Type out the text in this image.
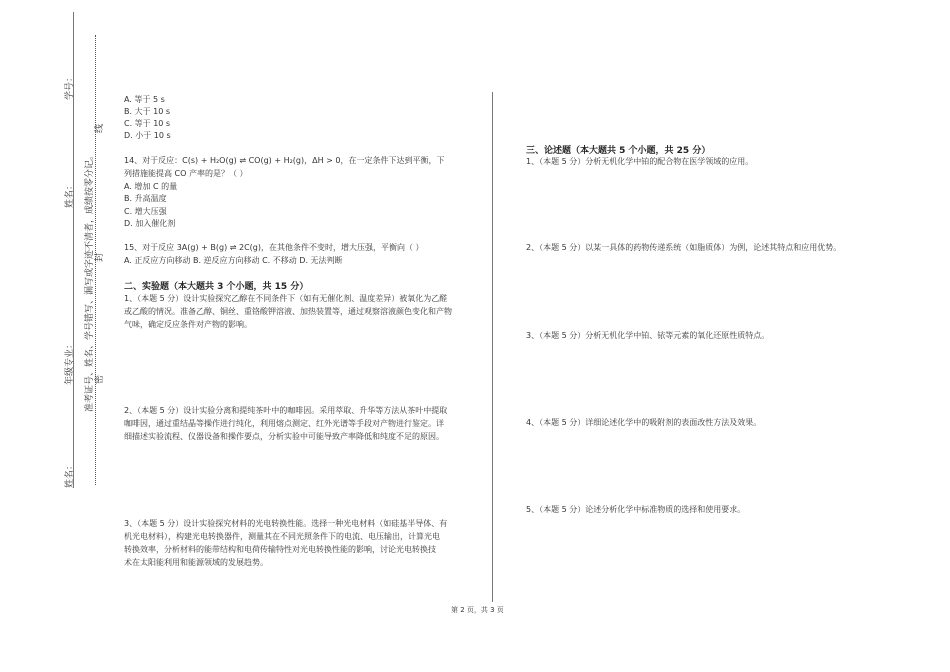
学号：
姓名：
年级专业：
姓名：
准考证号、姓名、学号错写、漏写或字迹不清者，成绩按零分记。
线
封
密
A. 等于 5 s
B. 大于 10 s
C. 等于 10 s
D. 小于 10 s
14、对于反应：C(s) + H₂O(g) ⇌ CO(g) + H₂(g)，ΔH > 0，在一定条件下达到平衡，下
列措施能提高 CO 产率的是？（ ）
A. 增加 C 的量
B. 升高温度
C. 增大压强
D. 加入催化剂
15、对于反应 3A(g) + B(g) ⇌ 2C(g)，在其他条件不变时，增大压强，平衡向（ ）
A. 正反应方向移动 B. 逆反应方向移动 C. 不移动 D. 无法判断
二、实验题（本大题共 3 个小题，共 15 分）
1、（本题 5 分）设计实验探究乙醇在不同条件下（如有无催化剂、温度差异）被氧化为乙醛
或乙酸的情况。准备乙醇、铜丝、重铬酸钾溶液、加热装置等，通过观察溶液颜色变化和产物
气味，确定反应条件对产物的影响。
2、（本题 5 分）设计实验分离和提纯茶叶中的咖啡因。采用萃取、升华等方法从茶叶中提取
咖啡因，通过重结晶等操作进行纯化，利用熔点测定、红外光谱等手段对产物进行鉴定。详
细描述实验流程、仪器设备和操作要点，分析实验中可能导致产率降低和纯度不足的原因。
3、（本题 5 分）设计实验探究材料的光电转换性能。选择一种光电材料（如硅基半导体、有
机光电材料），构建光电转换器件，测量其在不同光照条件下的电流、电压输出，计算光电
转换效率，分析材料的能带结构和电荷传输特性对光电转换性能的影响，讨论光电转换技
术在太阳能利用和能源领域的发展趋势。
三、论述题（本大题共 5 个小题，共 25 分）
1、（本题 5 分）分析无机化学中铂的配合物在医学领域的应用。
2、（本题 5 分）以某一具体的药物传递系统（如脂质体）为例，论述其特点和应用优势。
3、（本题 5 分）分析无机化学中铂、铱等元素的氧化还原性质特点。
4、（本题 5 分）详细论述化学中的吸附剂的表面改性方法及效果。
5、（本题 5 分）论述分析化学中标准物质的选择和使用要求。
第 2 页，共 3 页
